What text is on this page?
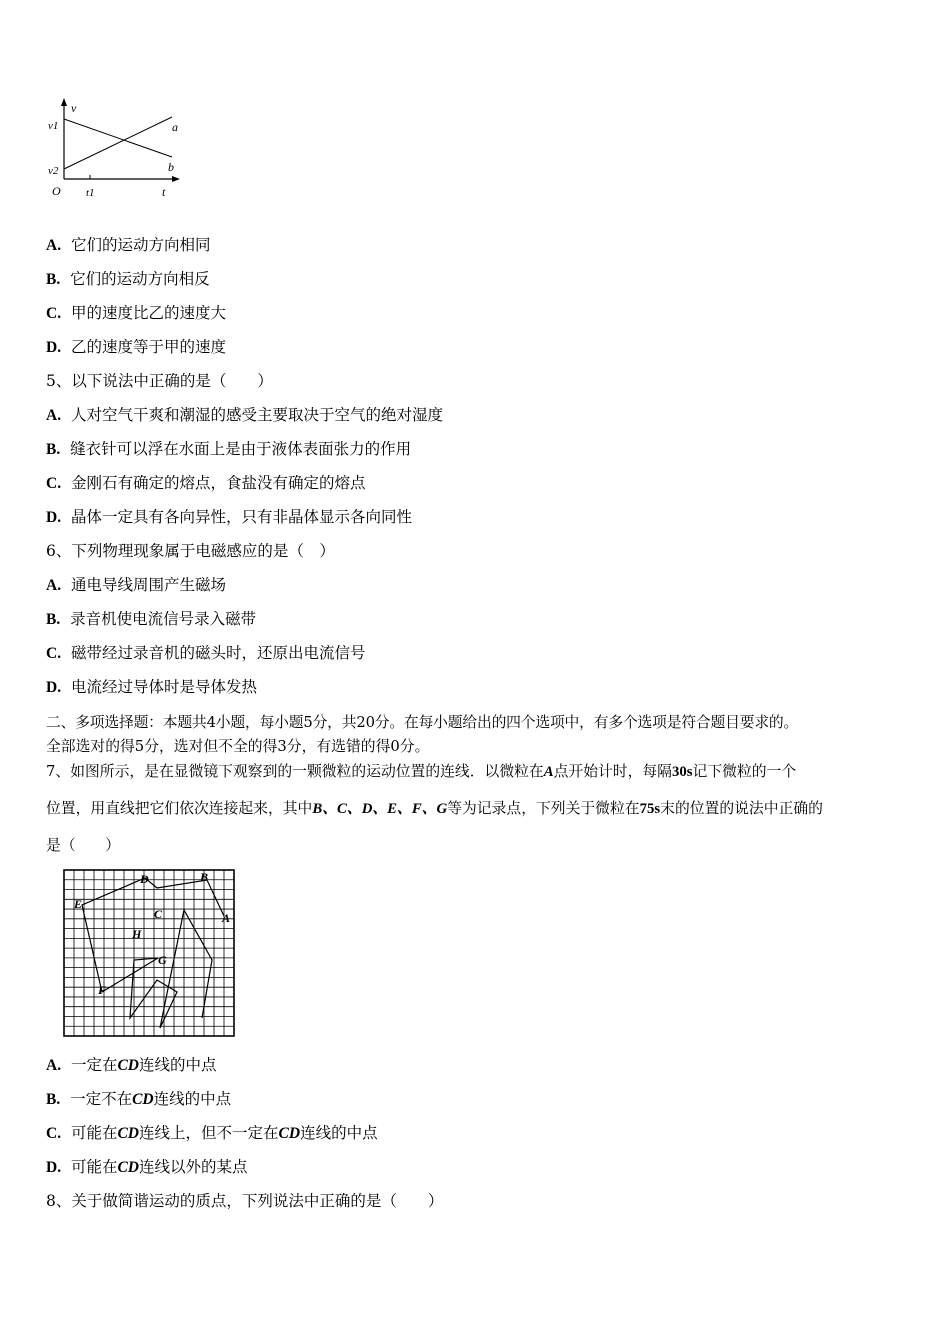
v
v1
v2
O t1	t
a
b
A. 它们的运动方向相同
B. 它们的运动方向相反
C. 甲的速度比乙的速度大
D. 乙的速度等于甲的速度
5、以下说法中正确的是（　　）
A. 人对空气干爽和潮湿的感受主要取决于空气的绝对湿度
B. 缝衣针可以浮在水面上是由于液体表面张力的作用
C. 金刚石有确定的熔点，食盐没有确定的熔点
D. 晶体一定具有各向异性，只有非晶体显示各向同性
6、下列物理现象属于电磁感应的是（　）
A. 通电导线周围产生磁场
B. 录音机使电流信号录入磁带
C. 磁带经过录音机的磁头时，还原出电流信号
D. 电流经过导体时是导体发热
二、多项选择题：本题共4小题，每小题5分，共20分。在每小题给出的四个选项中，有多个选项是符合题目要求的。
全部选对的得5分，选对但不全的得3分，有选错的得0分。
7、如图所示，是在显微镜下观察到的一颗微粒的运动位置的连线．以微粒在A点开始计时，每隔30s记下微粒的一个
位置，用直线把它们依次连接起来，其中B、C、D、E、F、G等为记录点，下列关于微粒在75s末的位置的说法中正确的
是（　　）
D	B
E
C	A
H
G
F
A. 一定在CD连线的中点
B. 一定不在CD连线的中点
C. 可能在CD连线上，但不一定在CD连线的中点
D. 可能在CD连线以外的某点
8、关于做简谐运动的质点，下列说法中正确的是（　　）
